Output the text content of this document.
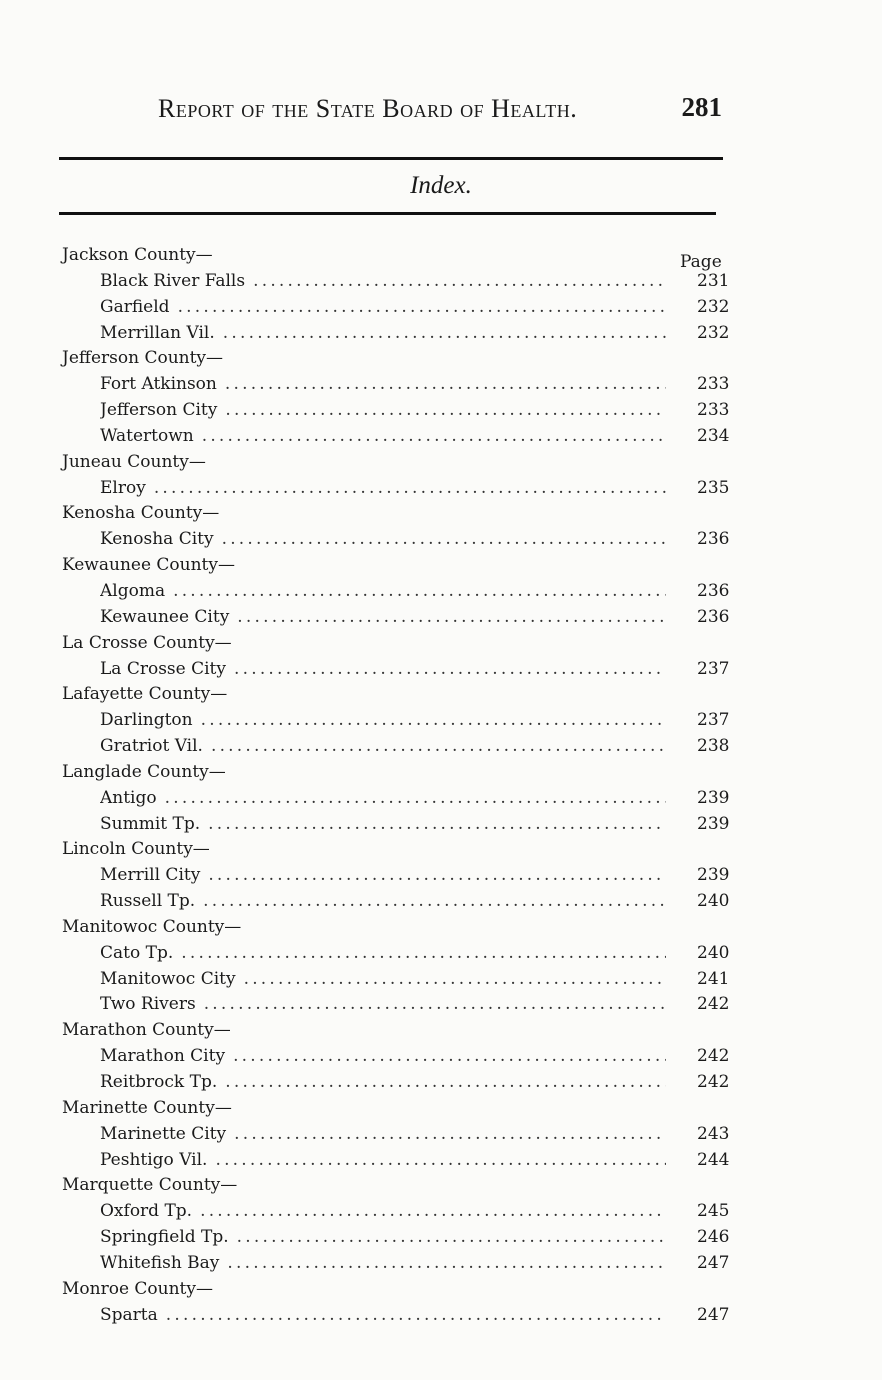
Report of the State Board of Health.	281
Index.
Page
Jackson County—
Black River Falls . . .	231
Garfield . . .	232
Merrillan Vil. . . .	232
Jefferson County—
Fort Atkinson . . .	233
Jefferson City . . .	233
Watertown . . .	234
Juneau County—
Elroy . . .	235
Kenosha County—
Kenosha City . . .	236
Kewaunee County—
Algoma . . .	236
Kewaunee City . . .	236
La Crosse County—
La Crosse City . . .	237
Lafayette County—
Darlington . . .	237
Gratriot Vil. . . .	238
Langlade County—
Antigo . . .	239
Summit Tp. . . .	239
Lincoln County—
Merrill City . . .	239
Russell Tp. . . .	240
Manitowoc County—
Cato Tp. . . .	240
Manitowoc City . . .	241
Two Rivers . . .	242
Marathon County—
Marathon City . . .	242
Reitbrock Tp. . . .	242
Marinette County—
Marinette City . . .	243
Peshtigo Vil. . . .	244
Marquette County—
Oxford Tp. . . .	245
Springfield Tp. . . .	246
Whitefish Bay . . .	247
Monroe County—
Sparta . . .	247
